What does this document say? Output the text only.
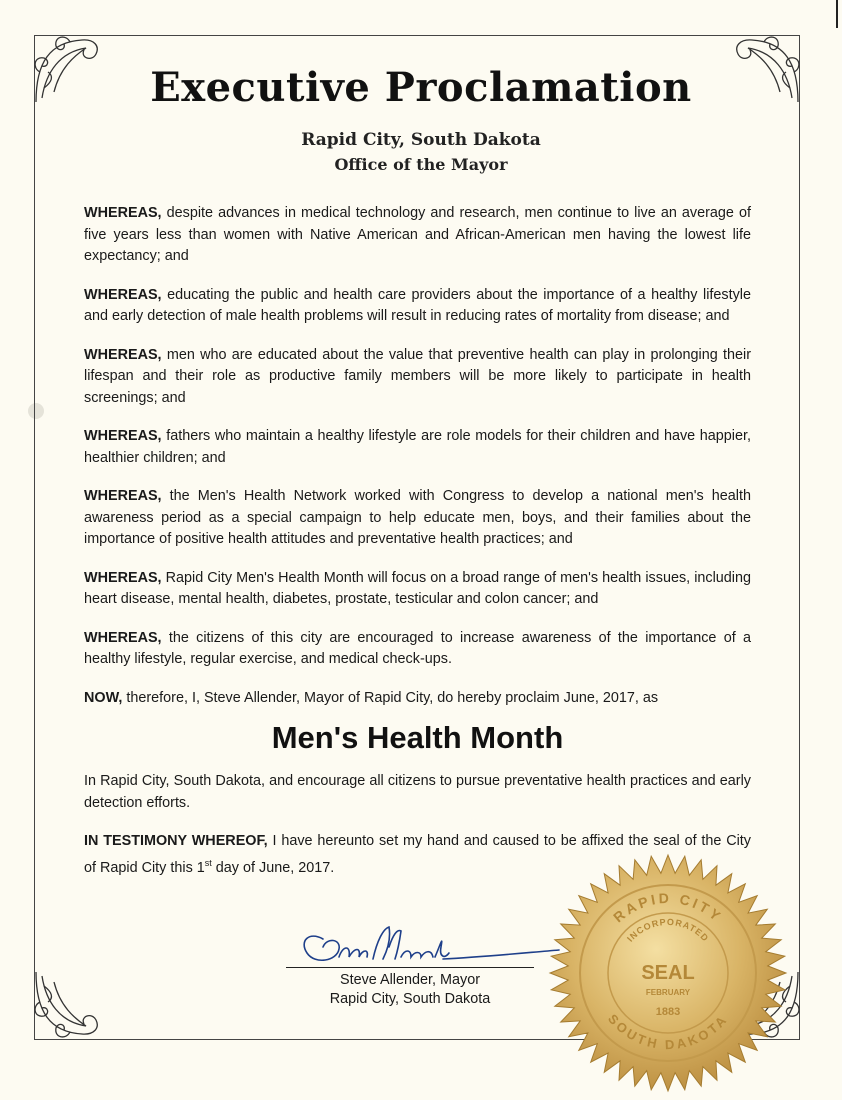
Executive Proclamation
Rapid City, South Dakota
Office of the Mayor

WHEREAS, despite advances in medical technology and research, men continue to live an average of five years less than women with Native American and African-American men having the lowest life expectancy; and

WHEREAS, educating the public and health care providers about the importance of a healthy lifestyle and early detection of male health problems will result in reducing rates of mortality from disease; and

WHEREAS, men who are educated about the value that preventive health can play in prolonging their lifespan and their role as productive family members will be more likely to participate in health screenings; and

WHEREAS, fathers who maintain a healthy lifestyle are role models for their children and have happier, healthier children; and

WHEREAS, the Men's Health Network worked with Congress to develop a national men's health awareness period as a special campaign to help educate men, boys, and their families about the importance of positive health attitudes and preventative health practices; and

WHEREAS, Rapid City Men's Health Month will focus on a broad range of men's health issues, including heart disease, mental health, diabetes, prostate, testicular and colon cancer; and

WHEREAS, the citizens of this city are encouraged to increase awareness of the importance of a healthy lifestyle, regular exercise, and medical check-ups.

NOW, therefore, I, Steve Allender, Mayor of Rapid City, do hereby proclaim June, 2017, as

Men's Health Month

In Rapid City, South Dakota, and encourage all citizens to pursue preventative health practices and early detection efforts.

IN TESTIMONY WHEREOF, I have hereunto set my hand and caused to be affixed the seal of the City of Rapid City this 1st day of June, 2017.

Steve Allender, Mayor
Rapid City, South Dakota
RAPID CITY
SOUTH DAKOTA
INCORPORATED
SEAL
FEBRUARY
1883
